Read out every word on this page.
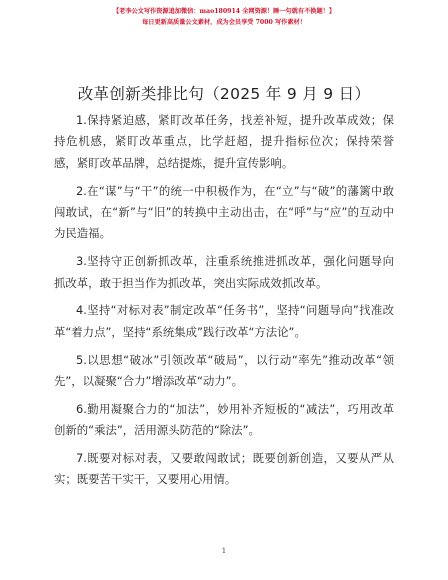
【老李公文写作资源追加微信：mao180914 全网资源！睡一句就有不换题！】
每日更新高质量公文素材，成为会员享受 7000 写作素材！
改革创新类排比句（2025 年 9 月 9 日）

1.保持紧迫感，紧盯改革任务，找差补短，提升改革成效；保持危机感，紧盯改革重点，比学赶超，提升指标位次；保持荣誉感，紧盯改革品牌，总结提炼，提升宣传影响。

2.在“谋”与“干”的统一中积极作为，在“立”与“破”的藩篱中敢闯敢试，在“新”与“旧”的转换中主动出击，在“呼”与“应”的互动中为民造福。

3.坚持守正创新抓改革，注重系统推进抓改革，强化问题导向抓改革，敢于担当作为抓改革，突出实际成效抓改革。

4.坚持“对标对表”制定改革“任务书”，坚持“问题导向”找准改革“着力点”，坚持“系统集成”践行改革“方法论”。

5.以思想“破冰”引领改革“破局”，以行动“率先”推动改革“领先”，以凝聚“合力”增添改革“动力”。

6.勤用凝聚合力的“加法”，妙用补齐短板的“减法”，巧用改革创新的“乘法”，活用源头防范的“除法”。

7.既要对标对表，又要敢闯敢试；既要创新创造，又要从严从实；既要苦干实干，又要用心用情。

1
